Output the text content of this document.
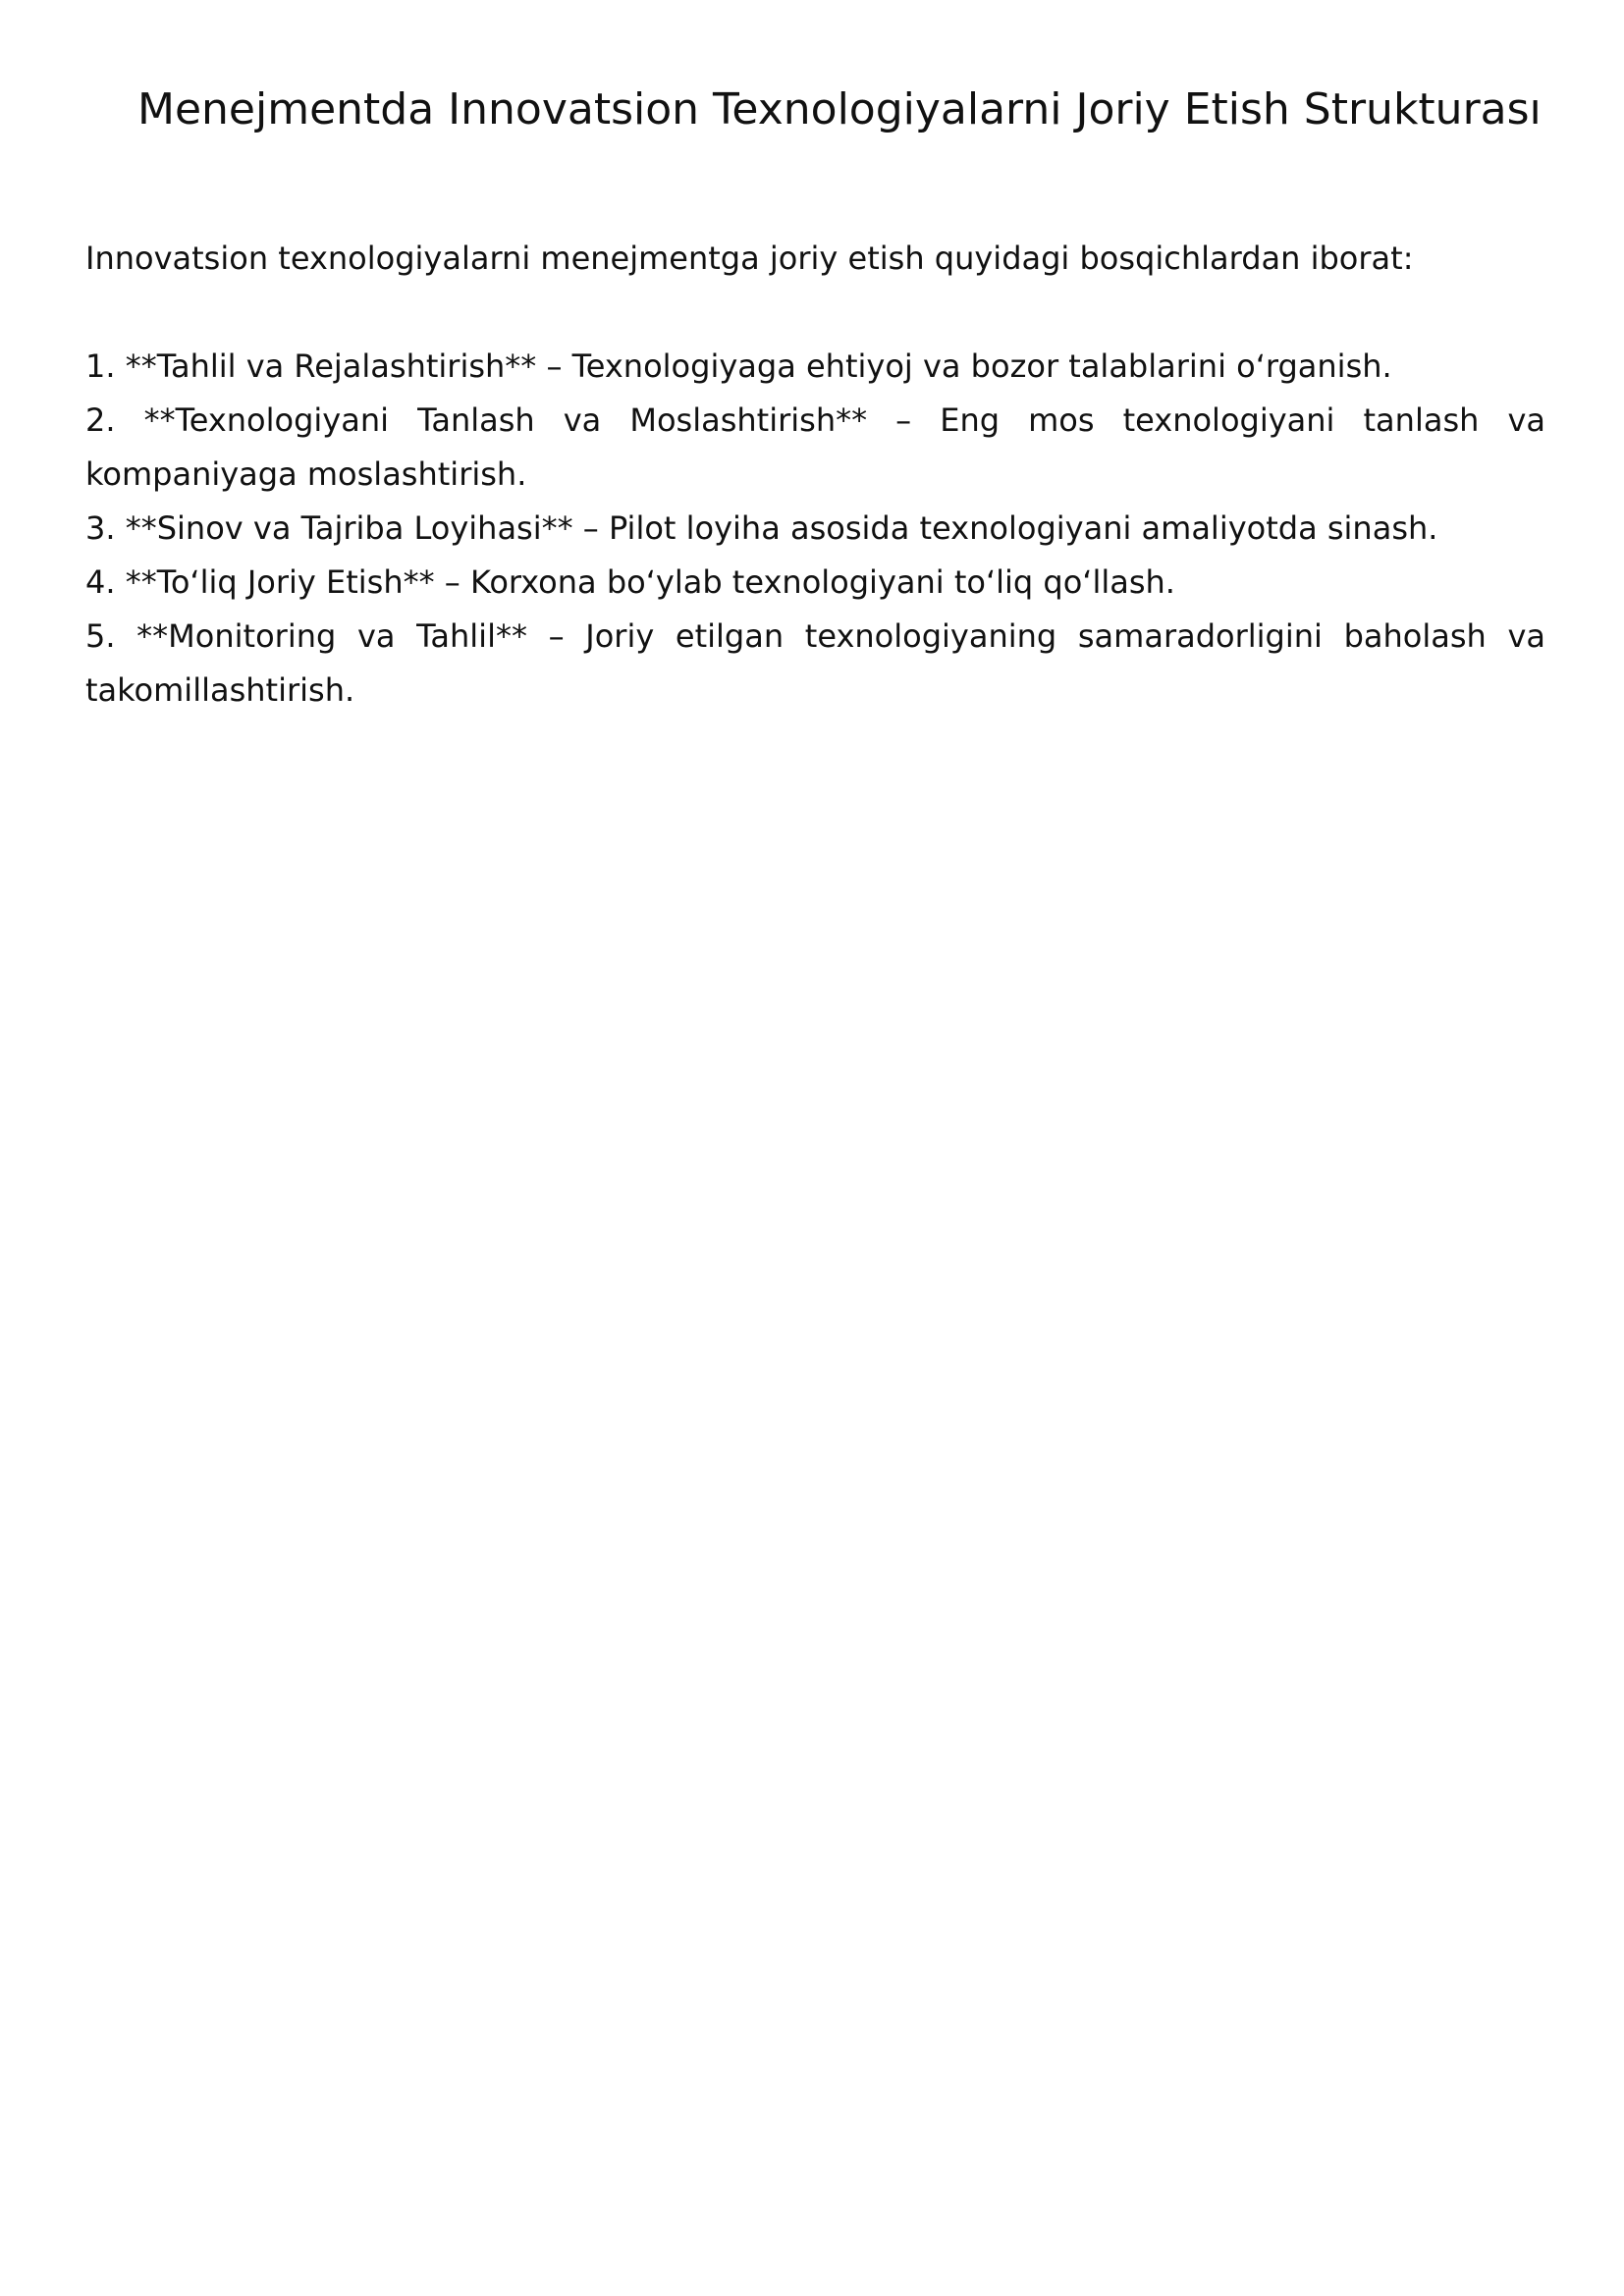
Menejmentda Innovatsion Texnologiyalarni Joriy Etish Strukturası

Innovatsion texnologiyalarni menejmentga joriy etish quyidagi bosqichlardan iborat:

1. **Tahlil va Rejalashtirish** – Texnologiyaga ehtiyoj va bozor talablarini oʻrganish.
2. **Texnologiyani Tanlash va Moslashtirish** – Eng mos texnologiyani tanlash va kompaniyaga moslashtirish.
3. **Sinov va Tajriba Loyihasi** – Pilot loyiha asosida texnologiyani amaliyotda sinash.
4. **Toʻliq Joriy Etish** – Korxona boʻylab texnologiyani toʻliq qoʻllash.
5. **Monitoring va Tahlil** – Joriy etilgan texnologiyaning samaradorligini baholash va takomillashtirish.
